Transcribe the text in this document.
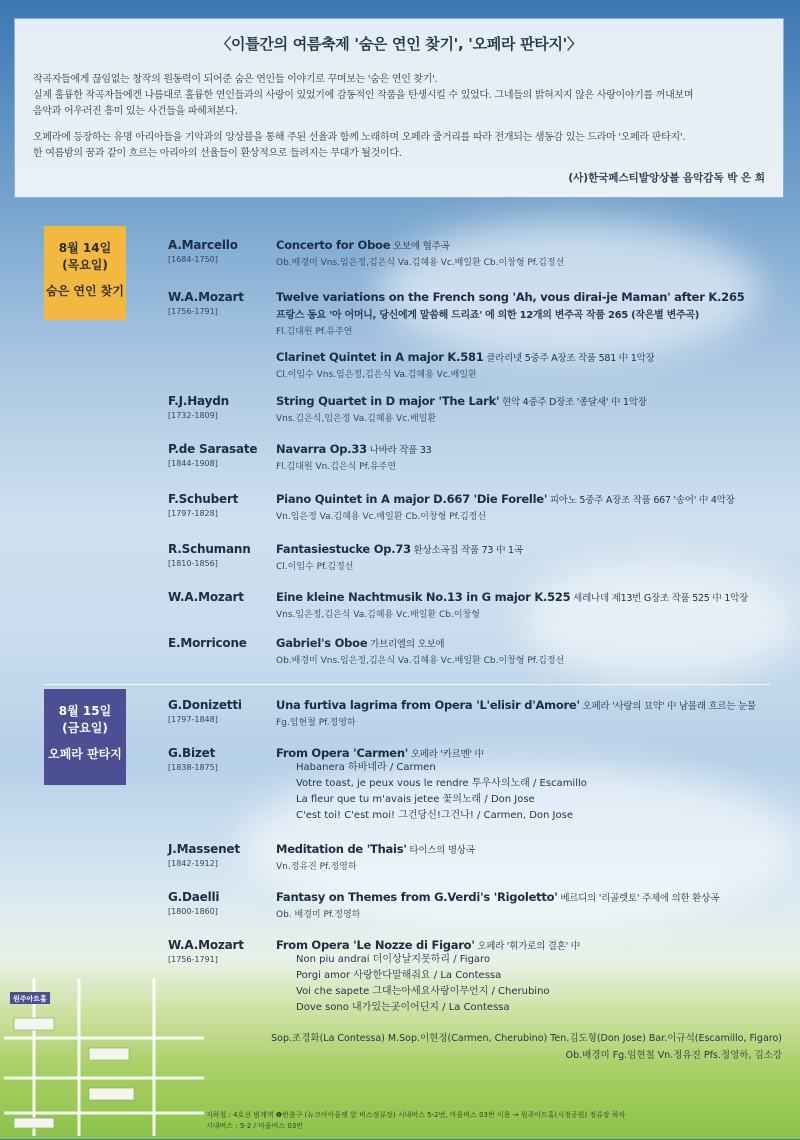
〈이틀간의 여름축제 '숨은 연인 찾기', '오페라 판타지'〉

작곡자들에게 끊임없는 창작의 원동력이 되어준 숨은 연인들 이야기로 꾸며보는 '숨은 연인 찾기'.
실제 훌륭한 작곡자들에겐 나름대로 훌륭한 연인들과의 사랑이 있었기에 감동적인 작품을 탄생시킬 수 있었다. 그네들의 밝혀지지 않은 사랑이야기를 꺼내보며
음악과 어우러진 흥미 있는 사건들을 파헤쳐본다.

오페라에 등장하는 유명 아리아들을 기악과의 앙상블을 통해 주된 선율과 함께 노래하며 오페라 줄거리를 따라 전개되는 생동감 있는 드라마 '오페라 판타지'.
한 여름밤의 꿈과 같이 흐르는 아리아의 선율들이 환상적으로 들려지는 무대가 될것이다.

(사)한국페스티발앙상블 음악감독 박 은 희
8월 14일
(목요일)
숨은 연인 찾기
8월 15일
(금요일)
오페라 판타지
A.Marcello
[1684-1750]
Concerto for Oboe 오보에 협주곡
Ob.배경미 Vns.임은정,김은식 Va.김혜용 Vc.배일환 Cb.이창형 Pf.김정선
W.A.Mozart
[1756-1791]
Twelve variations on the French song 'Ah, vous dirai-je Maman' after K.265
프랑스 동요 '아 어머니, 당신에게 말씀해 드리죠' 에 의한 12개의 변주곡 작품 265 (작은별 변주곡)
Fl.김대원 Pf.유주연
Clarinet Quintet in A major K.581 클라리넷 5중주 A장조 작품 581 中 1악장
Cl.이임수 Vns.임은정,김은식 Va.김혜용 Vc.배일환
F.J.Haydn
[1732-1809]
String Quartet in D major 'The Lark' 현악 4중주 D장조 '종달새' 中 1악장
Vns.김은식,임은정 Va.김혜용 Vc.배일환
P.de Sarasate
[1844-1908]
Navarra Op.33 나바라 작품 33
Fl.김대원 Vn.김은식 Pf.유주연
F.Schubert
[1797-1828]
Piano Quintet in A major D.667 'Die Forelle' 피아노 5중주 A장조 작품 667 '송어' 中 4악장
Vn.임은정 Va.김혜용 Vc.배일환 Cb.이창형 Pf.김정선
R.Schumann
[1810-1856]
Fantasiestucke Op.73 환상소곡집 작품 73 中 1곡
Cl.이임수 Pf.김정선
W.A.Mozart	Eine kleine Nachtmusik No.13 in G major K.525 세레나데 제13번 G장조 작품 525 中 1악장
Vns.임은정,김은식 Va.김혜용 Vc.배일환 Cb.이창형
E.Morricone	Gabriel's Oboe 가브리엘의 오보에
Ob.배경미 Vns.임은정,김은식 Va.김혜용 Vc.배일환 Cb.이창형 Pf.김정선
G.Donizetti
[1797-1848]
Una furtiva lagrima from Opera 'L'elisir d'Amore' 오페라 '사랑의 묘약' 中 남몰래 흐르는 눈물
Fg.임현철 Pf.정영하
G.Bizet
[1838-1875]
From Opera 'Carmen' 오페라 '카르멘' 中
Habanera 하바네라 / Carmen
Votre toast, je peux vous le rendre 투우사의노래 / Escamillo
La fleur que tu m'avais jetee 꽃의노래 / Don Jose
C'est toi! C'est moi! 그건당신!그건나! / Carmen, Don Jose
J.Massenet
[1842-1912]
Meditation de 'Thais' 타이스의 명상곡
Vn.정유진 Pf.정영하
G.Daelli
[1800-1860]
Fantasy on Themes from G.Verdi's 'Rigoletto' 베르디의 '리골렛토' 주제에 의한 환상곡
Ob. 배경미 Pf.정영하
W.A.Mozart
[1756-1791]
From Opera 'Le Nozze di Figaro' 오페라 '휘가로의 결혼' 中
Non piu andrai 더이상날지못하리 / Figaro
Porgi amor 사랑한다말해줘요 / La Contessa
Voi che sapete 그대는아세요사랑이무언지 / Cherubino
Dove sono 내가있는곳이어딘지 / La Contessa
Sop.조경화(La Contessa) M.Sop.이현정(Carmen, Cherubino) Ten.김도형(Don Jose) Bar.이규석(Escamillo, Figaro)
Ob.배경미 Fg.임현철 Vn.정유진 Pfs.정영하, 김소강
원주아트홀
지하철 : 4호선 범계역 ❶번출구 (뉴코아아울렛 앞 버스정류장) 시내버스 5-2번, 마을버스 03번 이용 → 원주아트홀(시청공원) 정류장 하차
시내버스 : 5-2 / 마을버스 03번
